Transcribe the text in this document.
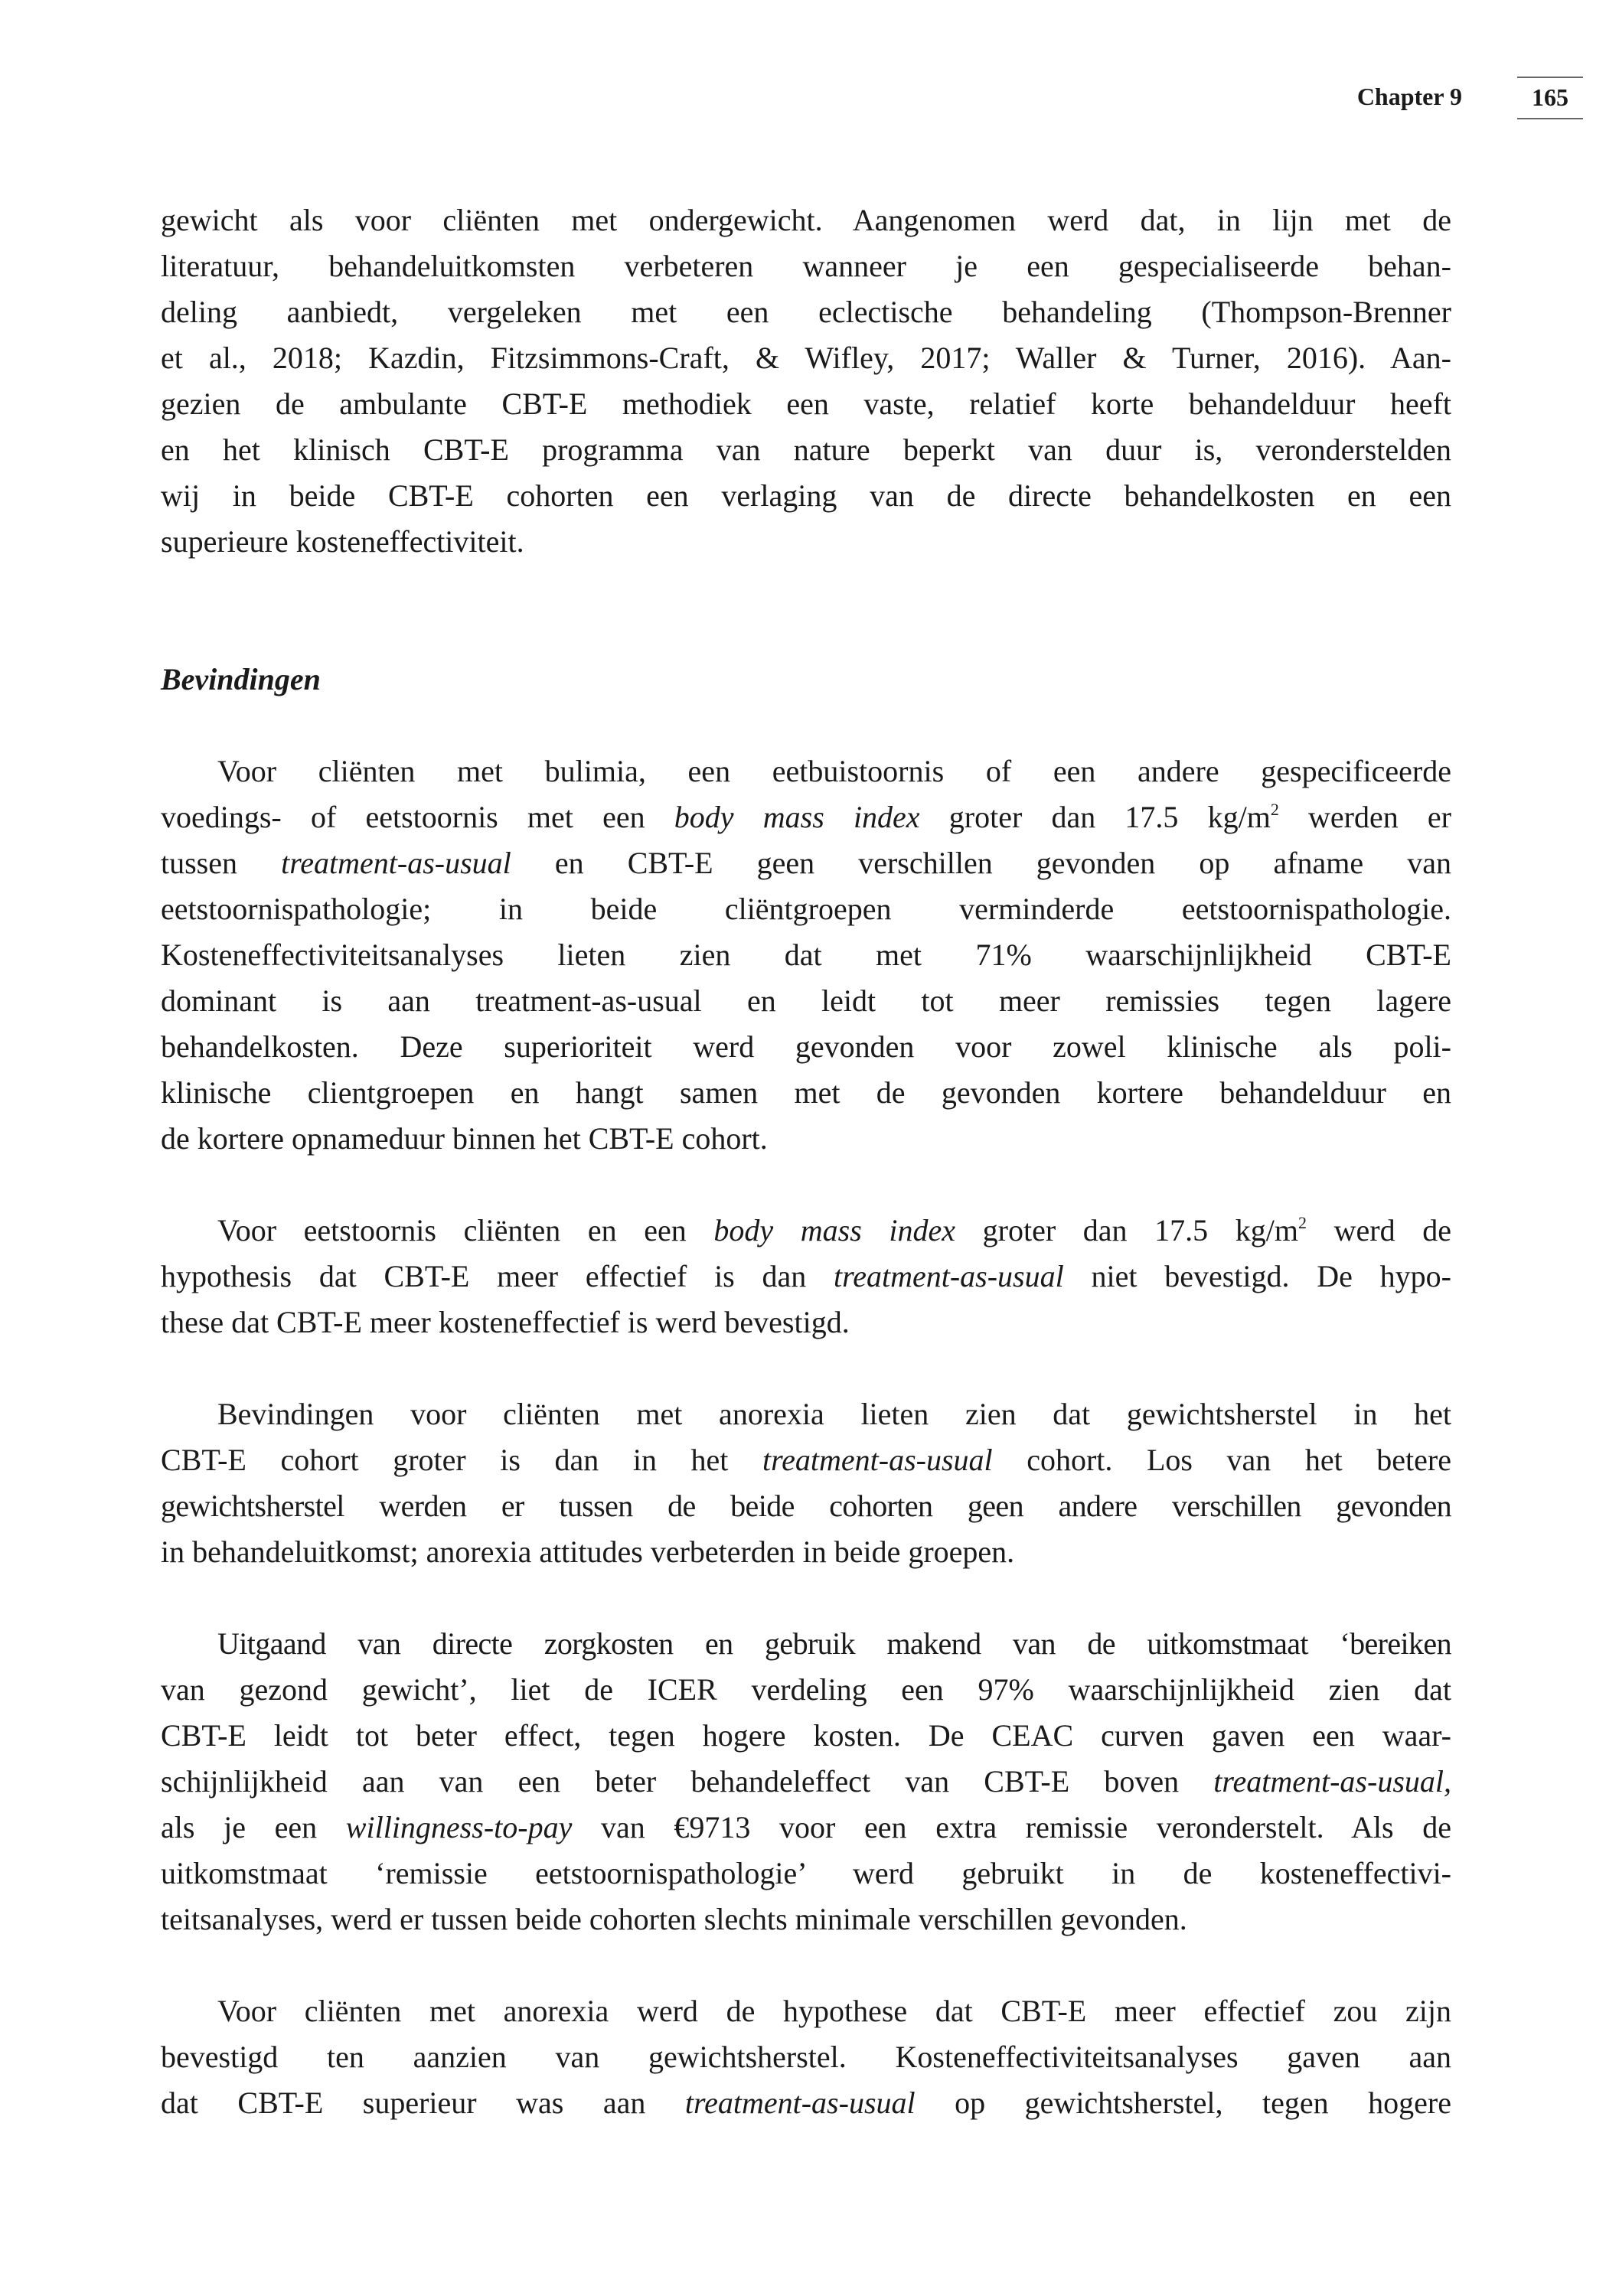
Chapter 9	165
gewicht als voor cliënten met ondergewicht. Aangenomen werd dat, in lijn met de
literatuur, behandeluitkomsten verbeteren wanneer je een gespecialiseerde behan-
deling aanbiedt, vergeleken met een eclectische behandeling (Thompson-Brenner
et al., 2018; Kazdin, Fitzsimmons-Craft, & Wifley, 2017; Waller & Turner, 2016). Aan-
gezien de ambulante CBT-E methodiek een vaste, relatief korte behandelduur heeft
en het klinisch CBT-E programma van nature beperkt van duur is, veronderstelden
wij in beide CBT-E cohorten een verlaging van de directe behandelkosten en een
superieure kosteneffectiviteit.
Bevindingen
Voor cliënten met bulimia, een eetbuistoornis of een andere gespecificeerde
voedings- of eetstoornis met een body mass index groter dan 17.5 $kg/m^2$ werden er
tussen treatment-as-usual en CBT-E geen verschillen gevonden op afname van
eetstoornispathologie; in beide cliëntgroepen verminderde eetstoornispathologie.
Kosteneffectiviteitsanalyses lieten zien dat met 71% waarschijnlijkheid CBT-E
dominant is aan treatment-as-usual en leidt tot meer remissies tegen lagere
behandelkosten. Deze superioriteit werd gevonden voor zowel klinische als poli-
klinische clientgroepen en hangt samen met de gevonden kortere behandelduur en
de kortere opnameduur binnen het CBT-E cohort.
Voor eetstoornis cliënten en een body mass index groter dan 17.5 $kg/m^2$ werd de
hypothesis dat CBT-E meer effectief is dan treatment-as-usual niet bevestigd. De hypo-
these dat CBT-E meer kosteneffectief is werd bevestigd.
Bevindingen voor cliënten met anorexia lieten zien dat gewichtsherstel in het
CBT-E cohort groter is dan in het treatment-as-usual cohort. Los van het betere
gewichtsherstel werden er tussen de beide cohorten geen andere verschillen gevonden
in behandeluitkomst; anorexia attitudes verbeterden in beide groepen.
Uitgaand van directe zorgkosten en gebruik makend van de uitkomstmaat ‘bereiken
van gezond gewicht’, liet de ICER verdeling een 97% waarschijnlijkheid zien dat
CBT-E leidt tot beter effect, tegen hogere kosten. De CEAC curven gaven een waar-
schijnlijkheid aan van een beter behandeleffect van CBT-E boven treatment-as-usual,
als je een willingness-to-pay van €9713 voor een extra remissie veronderstelt. Als de
uitkomstmaat ‘remissie eetstoornispathologie’ werd gebruikt in de kosteneffectivi-
teitsanalyses, werd er tussen beide cohorten slechts minimale verschillen gevonden.
Voor cliënten met anorexia werd de hypothese dat CBT-E meer effectief zou zijn
bevestigd ten aanzien van gewichtsherstel. Kosteneffectiviteitsanalyses gaven aan
dat CBT-E superieur was aan treatment-as-usual op gewichtsherstel, tegen hogere
